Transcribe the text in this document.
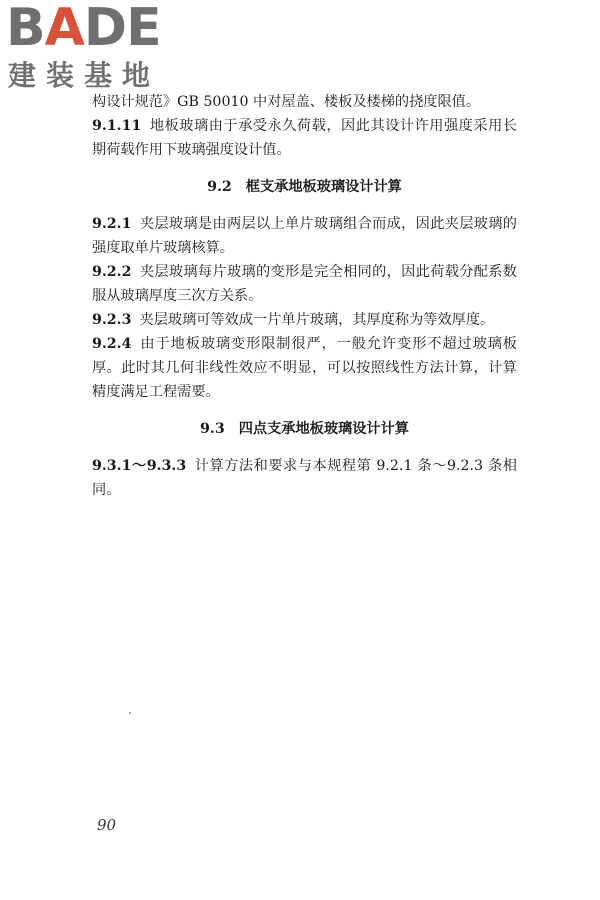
B A D E
建装基地

构设计规范》GB 50010 中对屋盖、楼板及楼梯的挠度限值。

9.1.11 地板玻璃由于承受永久荷载，因此其设计许用强度采用长期荷载作用下玻璃强度设计值。

9.2 框支承地板玻璃设计计算

9.2.1 夹层玻璃是由两层以上单片玻璃组合而成，因此夹层玻璃的强度取单片玻璃核算。

9.2.2 夹层玻璃每片玻璃的变形是完全相同的，因此荷载分配系数服从玻璃厚度三次方关系。

9.2.3 夹层玻璃可等效成一片单片玻璃，其厚度称为等效厚度。

9.2.4 由于地板玻璃变形限制很严，一般允许变形不超过玻璃板厚。此时其几何非线性效应不明显，可以按照线性方法计算，计算精度满足工程需要。

9.3 四点支承地板玻璃设计计算

9.3.1～9.3.3 计算方法和要求与本规程第 9.2.1 条～9.2.3 条相同。

90
